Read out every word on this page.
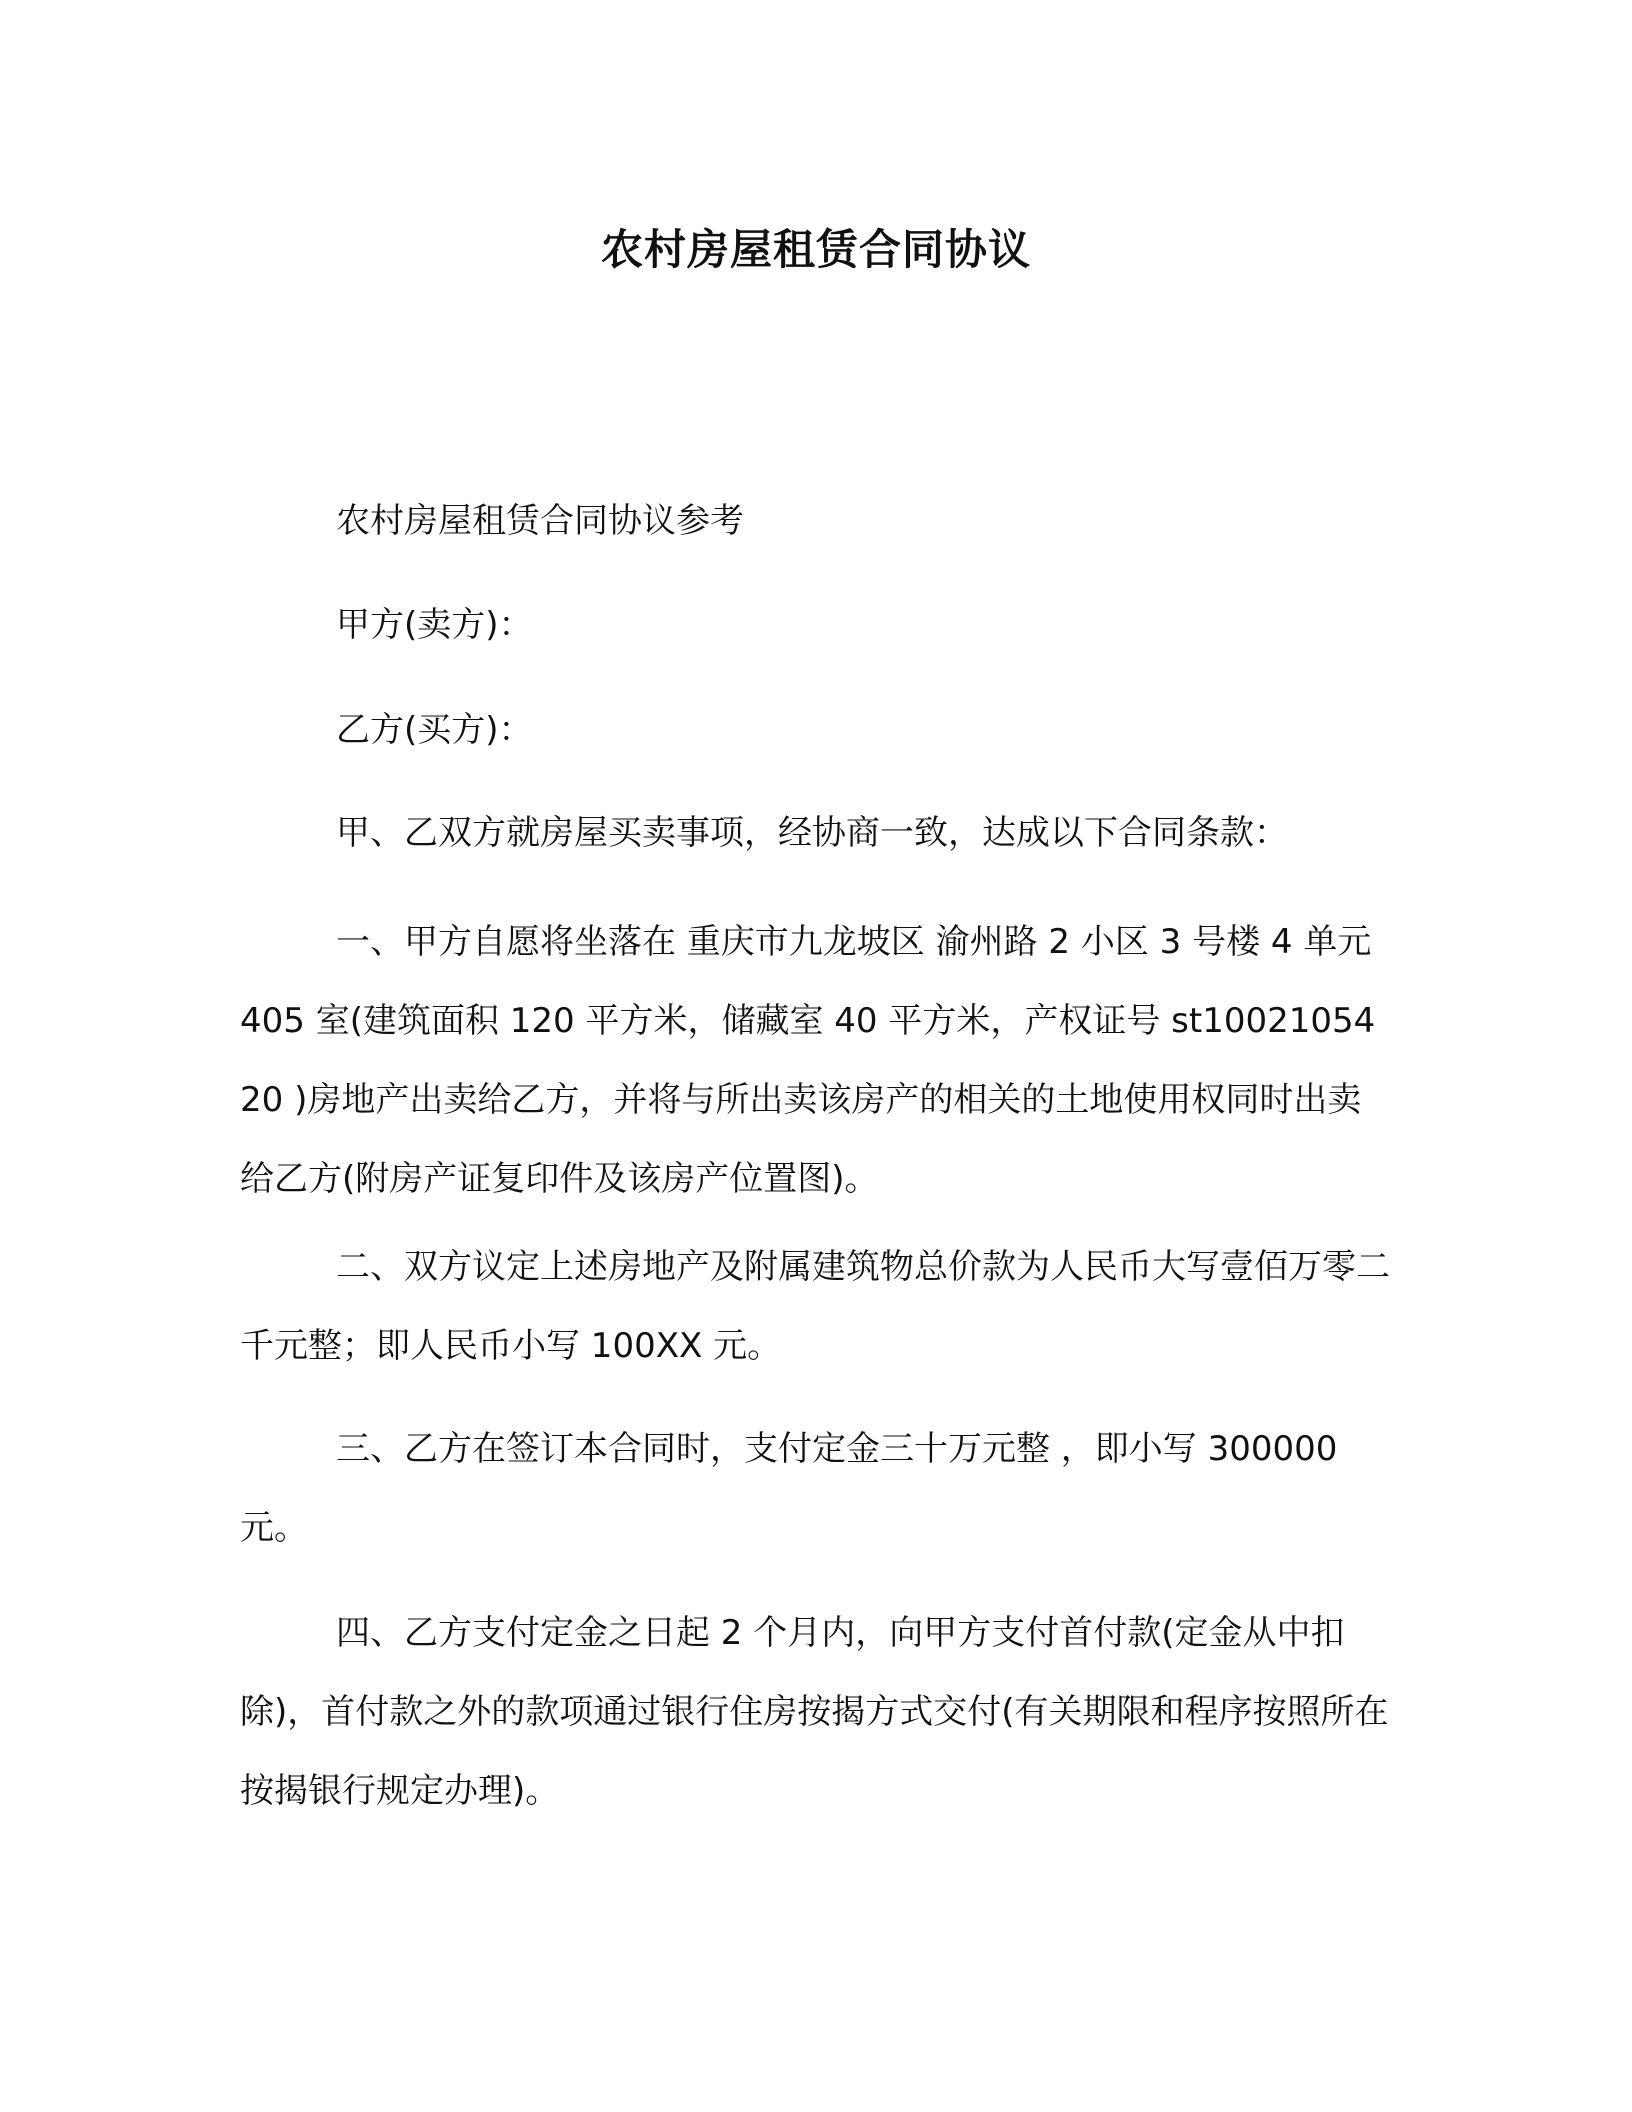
农村房屋租赁合同协议

农村房屋租赁合同协议参考

甲方(卖方)：

乙方(买方)：

甲、乙双方就房屋买卖事项，经协商一致，达成以下合同条款：

一、甲方自愿将坐落在 重庆市九龙坡区 渝州路 2 小区 3 号楼 4 单元 405 室(建筑面积 120 平方米，储藏室 40 平方米，产权证号 st1002105420 )房地产出卖给乙方，并将与所出卖该房产的相关的土地使用权同时出卖给乙方(附房产证复印件及该房产位置图)。

二、双方议定上述房地产及附属建筑物总价款为人民币大写壹佰万零二千元整；即人民币小写 100XX 元。

三、乙方在签订本合同时，支付定金三十万元整 ，即小写 300000 元。

四、乙方支付定金之日起 2 个月内，向甲方支付首付款(定金从中扣除)，首付款之外的款项通过银行住房按揭方式交付(有关期限和程序按照所在按揭银行规定办理)。
